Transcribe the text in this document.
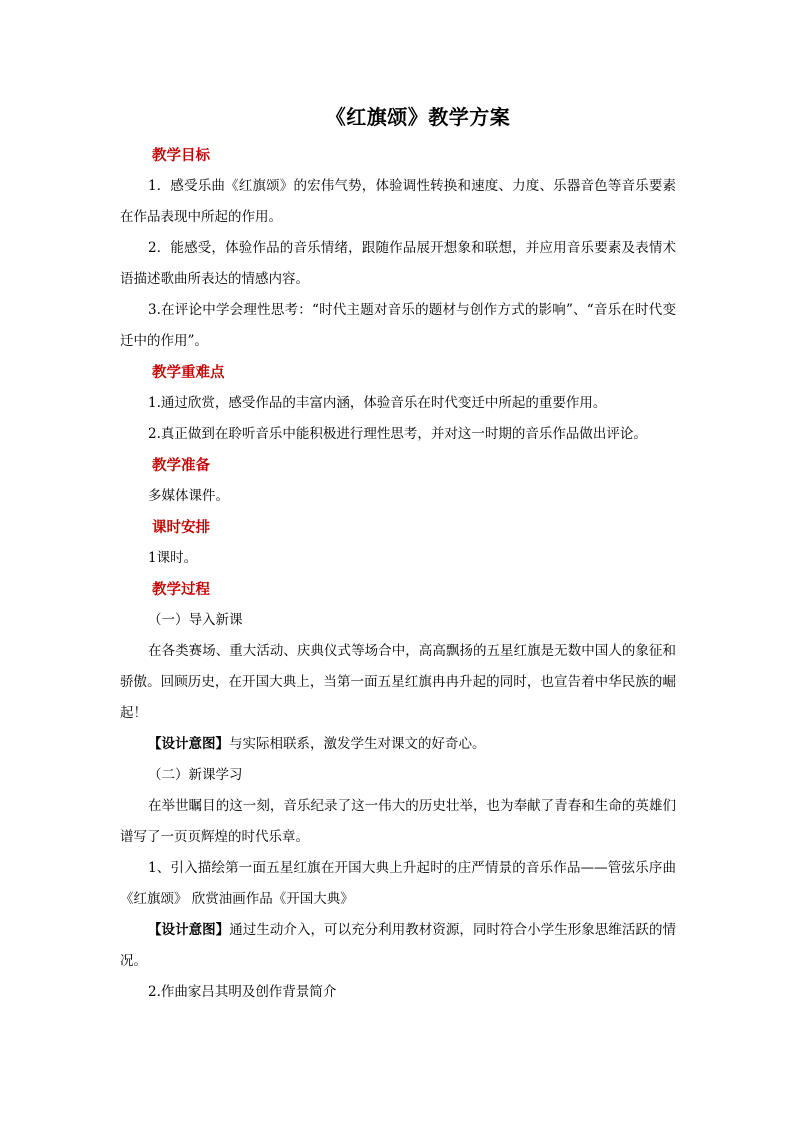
《红旗颂》教学方案
教学目标

1．感受乐曲《红旗颂》的宏伟气势，体验调性转换和速度、力度、乐器音色等音乐要素在作品表现中所起的作用。

2．能感受，体验作品的音乐情绪，跟随作品展开想象和联想，并应用音乐要素及表情术语描述歌曲所表达的情感内容。

3.在评论中学会理性思考：“时代主题对音乐的题材与创作方式的影响”、“音乐在时代变迁中的作用”。

教学重难点

1.通过欣赏，感受作品的丰富内涵，体验音乐在时代变迁中所起的重要作用。

2.真正做到在聆听音乐中能积极进行理性思考，并对这一时期的音乐作品做出评论。

教学准备

多媒体课件。

课时安排

1课时。

教学过程

（一）导入新课

在各类赛场、重大活动、庆典仪式等场合中，高高飘扬的五星红旗是无数中国人的象征和骄傲。回顾历史，在开国大典上，当第一面五星红旗冉冉升起的同时，也宣告着中华民族的崛起！

【设计意图】与实际相联系，激发学生对课文的好奇心。

（二）新课学习

在举世瞩目的这一刻，音乐纪录了这一伟大的历史壮举，也为奉献了青春和生命的英雄们谱写了一页页辉煌的时代乐章。

1、引入描绘第一面五星红旗在开国大典上升起时的庄严情景的音乐作品——管弦乐序曲《红旗颂》 欣赏油画作品《开国大典》

【设计意图】通过生动介入，可以充分利用教材资源，同时符合小学生形象思维活跃的情况。

2.作曲家吕其明及创作背景简介
